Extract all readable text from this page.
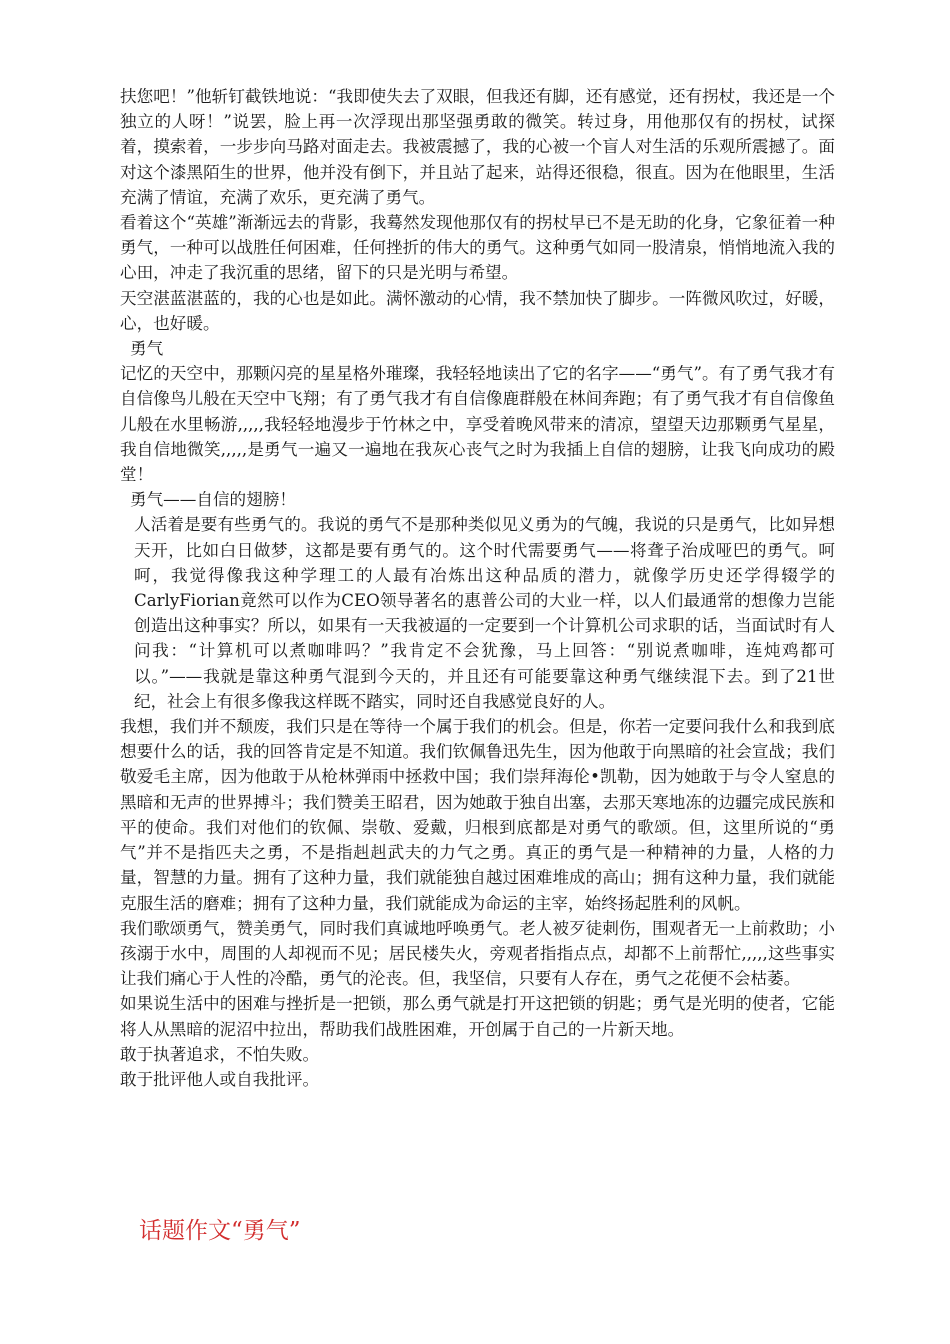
扶您吧！”他斩钉截铁地说：“我即使失去了双眼，但我还有脚，还有感觉，还有拐杖，我还是一个独立的人呀！”说罢，脸上再一次浮现出那坚强勇敢的微笑。转过身，用他那仅有的拐杖，试探着，摸索着，一步步向马路对面走去。我被震撼了，我的心被一个盲人对生活的乐观所震撼了。面对这个漆黑陌生的世界，他并没有倒下，并且站了起来，站得还很稳，很直。因为在他眼里，生活充满了情谊，充满了欢乐，更充满了勇气。

看着这个“英雄”渐渐远去的背影，我蓦然发现他那仅有的拐杖早已不是无助的化身，它象征着一种勇气，一种可以战胜任何困难，任何挫折的伟大的勇气。这种勇气如同一股清泉，悄悄地流入我的心田，冲走了我沉重的思绪，留下的只是光明与希望。

天空湛蓝湛蓝的，我的心也是如此。满怀激动的心情，我不禁加快了脚步。一阵微风吹过，好暖，心，也好暖。

勇气

记忆的天空中，那颗闪亮的星星格外璀璨，我轻轻地读出了它的名字——“勇气”。有了勇气我才有自信像鸟儿般在天空中飞翔；有了勇气我才有自信像鹿群般在林间奔跑；有了勇气我才有自信像鱼儿般在水里畅游,,,,,我轻轻地漫步于竹林之中，享受着晚风带来的清凉，望望天边那颗勇气星星，我自信地微笑,,,,,是勇气一遍又一遍地在我灰心丧气之时为我插上自信的翅膀，让我飞向成功的殿堂！

勇气——自信的翅膀！

人活着是要有些勇气的。我说的勇气不是那种类似见义勇为的气魄，我说的只是勇气，比如异想天开，比如白日做梦，这都是要有勇气的。这个时代需要勇气——将聋子治成哑巴的勇气。呵呵，我觉得像我这种学理工的人最有冶炼出这种品质的潜力，就像学历史还学得辍学的CarlyFiorian竟然可以作为CEO领导著名的惠普公司的大业一样，以人们最通常的想像力岂能创造出这种事实？所以，如果有一天我被逼的一定要到一个计算机公司求职的话，当面试时有人问我：“计算机可以煮咖啡吗？”我肯定不会犹豫，马上回答：“别说煮咖啡，连炖鸡都可以。”——我就是靠这种勇气混到今天的，并且还有可能要靠这种勇气继续混下去。到了21世纪，社会上有很多像我这样既不踏实，同时还自我感觉良好的人。

我想，我们并不颓废，我们只是在等待一个属于我们的机会。但是，你若一定要问我什么和我到底想要什么的话，我的回答肯定是不知道。我们钦佩鲁迅先生，因为他敢于向黑暗的社会宣战；我们敬爱毛主席，因为他敢于从枪林弹雨中拯救中国；我们崇拜海伦•凯勒，因为她敢于与令人窒息的黑暗和无声的世界搏斗；我们赞美王昭君，因为她敢于独自出塞，去那天寒地冻的边疆完成民族和平的使命。我们对他们的钦佩、崇敬、爱戴，归根到底都是对勇气的歌颂。但，这里所说的“勇气”并不是指匹夫之勇，不是指赳赳武夫的力气之勇。真正的勇气是一种精神的力量，人格的力量，智慧的力量。拥有了这种力量，我们就能独自越过困难堆成的高山；拥有这种力量，我们就能克服生活的磨难；拥有了这种力量，我们就能成为命运的主宰，始终扬起胜利的风帆。

我们歌颂勇气，赞美勇气，同时我们真诚地呼唤勇气。老人被歹徒刺伤，围观者无一上前救助；小孩溺于水中，周围的人却视而不见；居民楼失火，旁观者指指点点，却都不上前帮忙,,,,,这些事实让我们痛心于人性的冷酷，勇气的沦丧。但，我坚信，只要有人存在，勇气之花便不会枯萎。

如果说生活中的困难与挫折是一把锁，那么勇气就是打开这把锁的钥匙；勇气是光明的使者，它能将人从黑暗的泥沼中拉出，帮助我们战胜困难，开创属于自己的一片新天地。

敢于执著追求，不怕失败。

敢于批评他人或自我批评。

话题作文“勇气”
